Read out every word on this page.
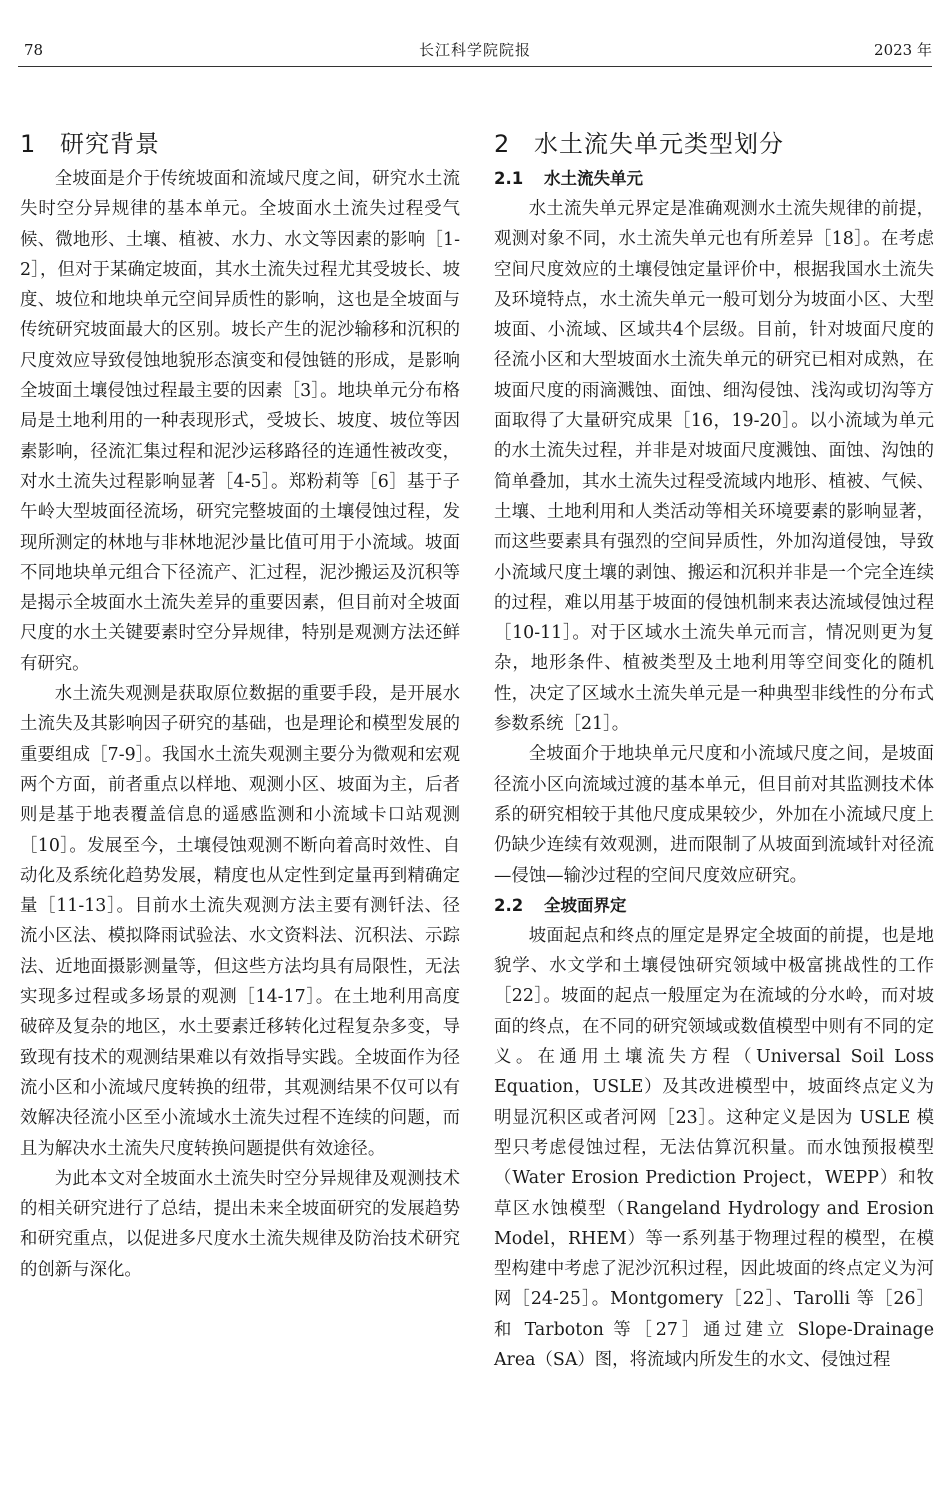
78	长江科学院院报	2023 年
1 研究背景

全坡面是介于传统坡面和流域尺度之间，研究水土流失时空分异规律的基本单元。全坡面水土流失过程受气候、微地形、土壤、植被、水力、水文等因素的影响［1-2］，但对于某确定坡面，其水土流失过程尤其受坡长、坡度、坡位和地块单元空间异质性的影响，这也是全坡面与传统研究坡面最大的区别。坡长产生的泥沙输移和沉积的尺度效应导致侵蚀地貌形态演变和侵蚀链的形成，是影响全坡面土壤侵蚀过程最主要的因素［3］。地块单元分布格局是土地利用的一种表现形式，受坡长、坡度、坡位等因素影响，径流汇集过程和泥沙运移路径的连通性被改变，对水土流失过程影响显著［4-5］。郑粉莉等［6］基于子午岭大型坡面径流场，研究完整坡面的土壤侵蚀过程，发现所测定的林地与非林地泥沙量比值可用于小流域。坡面不同地块单元组合下径流产、汇过程，泥沙搬运及沉积等是揭示全坡面水土流失差异的重要因素，但目前对全坡面尺度的水土关键要素时空分异规律，特别是观测方法还鲜有研究。

水土流失观测是获取原位数据的重要手段，是开展水土流失及其影响因子研究的基础，也是理论和模型发展的重要组成［7-9］。我国水土流失观测主要分为微观和宏观两个方面，前者重点以样地、观测小区、坡面为主，后者则是基于地表覆盖信息的遥感监测和小流域卡口站观测［10］。发展至今，土壤侵蚀观测不断向着高时效性、自动化及系统化趋势发展，精度也从定性到定量再到精确定量［11-13］。目前水土流失观测方法主要有测钎法、径流小区法、模拟降雨试验法、水文资料法、沉积法、示踪法、近地面摄影测量等，但这些方法均具有局限性，无法实现多过程或多场景的观测［14-17］。在土地利用高度破碎及复杂的地区，水土要素迁移转化过程复杂多变，导致现有技术的观测结果难以有效指导实践。全坡面作为径流小区和小流域尺度转换的纽带，其观测结果不仅可以有效解决径流小区至小流域水土流失过程不连续的问题，而且为解决水土流失尺度转换问题提供有效途径。

为此本文对全坡面水土流失时空分异规律及观测技术的相关研究进行了总结，提出未来全坡面研究的发展趋势和研究重点，以促进多尺度水土流失规律及防治技术研究的创新与深化。

2 水土流失单元类型划分
2.1 水土流失单元

水土流失单元界定是准确观测水土流失规律的前提，观测对象不同，水土流失单元也有所差异［18］。在考虑空间尺度效应的土壤侵蚀定量评价中，根据我国水土流失及环境特点，水土流失单元一般可划分为坡面小区、大型坡面、小流域、区域共4个层级。目前，针对坡面尺度的径流小区和大型坡面水土流失单元的研究已相对成熟，在坡面尺度的雨滴溅蚀、面蚀、细沟侵蚀、浅沟或切沟等方面取得了大量研究成果［16，19-20］。以小流域为单元的水土流失过程，并非是对坡面尺度溅蚀、面蚀、沟蚀的简单叠加，其水土流失过程受流域内地形、植被、气候、土壤、土地利用和人类活动等相关环境要素的影响显著，而这些要素具有强烈的空间异质性，外加沟道侵蚀，导致小流域尺度土壤的剥蚀、搬运和沉积并非是一个完全连续的过程，难以用基于坡面的侵蚀机制来表达流域侵蚀过程［10-11］。对于区域水土流失单元而言，情况则更为复杂，地形条件、植被类型及土地利用等空间变化的随机性，决定了区域水土流失单元是一种典型非线性的分布式参数系统［21］。

全坡面介于地块单元尺度和小流域尺度之间，是坡面径流小区向流域过渡的基本单元，但目前对其监测技术体系的研究相较于其他尺度成果较少，外加在小流域尺度上仍缺少连续有效观测，进而限制了从坡面到流域针对径流—侵蚀—输沙过程的空间尺度效应研究。

2.2 全坡面界定

坡面起点和终点的厘定是界定全坡面的前提，也是地貌学、水文学和土壤侵蚀研究领域中极富挑战性的工作［22］。坡面的起点一般厘定为在流域的分水岭，而对坡面的终点，在不同的研究领域或数值模型中则有不同的定义。在通用土壤流失方程（Universal Soil Loss Equation，USLE）及其改进模型中，坡面终点定义为明显沉积区或者河网［23］。这种定义是因为 USLE 模型只考虑侵蚀过程，无法估算沉积量。而水蚀预报模型（Water Erosion Prediction Project，WEPP）和牧草区水蚀模型（Rangeland Hydrology and Erosion Model，RHEM）等一系列基于物理过程的模型，在模型构建中考虑了泥沙沉积过程，因此坡面的终点定义为河网［24-25］。Montgomery［22］、Tarolli 等［26］和 Tarboton 等［27］通过建立 Slope-Drainage Area（SA）图，将流域内所发生的水文、侵蚀过程
